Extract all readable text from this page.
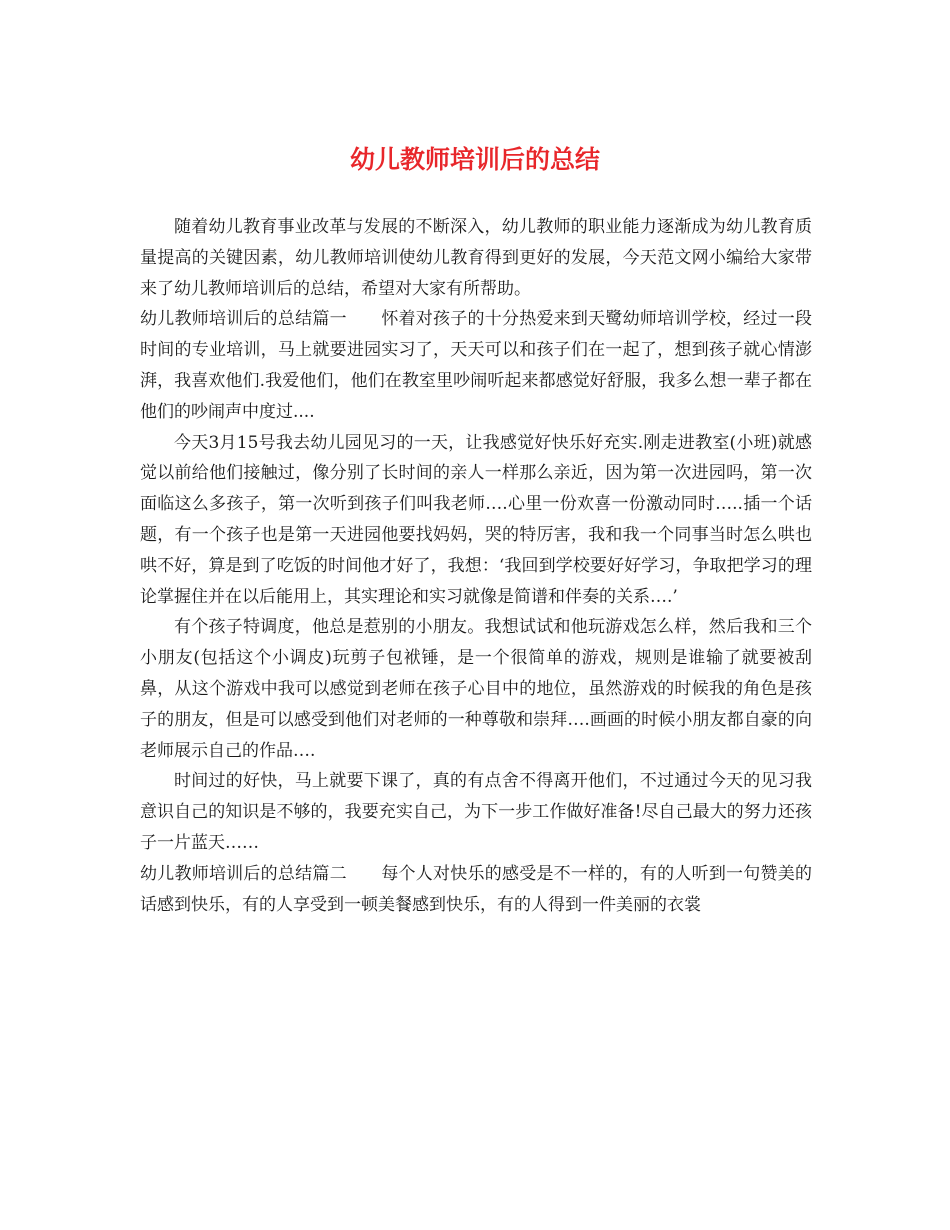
幼儿教师培训后的总结

随着幼儿教育事业改革与发展的不断深入，幼儿教师的职业能力逐渐成为幼儿教育质量提高的关键因素，幼儿教师培训使幼儿教育得到更好的发展，今天范文网小编给大家带来了幼儿教师培训后的总结，希望对大家有所帮助。

幼儿教师培训后的总结篇一　　怀着对孩子的十分热爱来到天鹭幼师培训学校，经过一段时间的专业培训，马上就要进园实习了，天天可以和孩子们在一起了，想到孩子就心情澎湃，我喜欢他们.我爱他们，他们在教室里吵闹听起来都感觉好舒服，我多么想一辈子都在他们的吵闹声中度过....

今天3月15号我去幼儿园见习的一天，让我感觉好快乐好充实.刚走进教室(小班)就感觉以前给他们接触过，像分别了长时间的亲人一样那么亲近，因为第一次进园吗，第一次面临这么多孩子，第一次听到孩子们叫我老师….心里一份欢喜一份激动同时…..插一个话题，有一个孩子也是第一天进园他要找妈妈，哭的特厉害，我和我一个同事当时怎么哄也哄不好，算是到了吃饭的时间他才好了，我想：‘我回到学校要好好学习，争取把学习的理论掌握住并在以后能用上，其实理论和实习就像是简谱和伴奏的关系….’

有个孩子特调度，他总是惹别的小朋友。我想试试和他玩游戏怎么样，然后我和三个小朋友(包括这个小调皮)玩剪子包袱锤，是一个很简单的游戏，规则是谁输了就要被刮鼻，从这个游戏中我可以感觉到老师在孩子心目中的地位，虽然游戏的时候我的角色是孩子的朋友，但是可以感受到他们对老师的一种尊敬和崇拜….画画的时候小朋友都自豪的向老师展示自己的作品….

时间过的好快，马上就要下课了，真的有点舍不得离开他们，不过通过今天的见习我意识自己的知识是不够的，我要充实自己，为下一步工作做好准备!尽自己最大的努力还孩子一片蓝天……

幼儿教师培训后的总结篇二　　每个人对快乐的感受是不一样的，有的人听到一句赞美的话感到快乐，有的人享受到一顿美餐感到快乐，有的人得到一件美丽的衣裳
